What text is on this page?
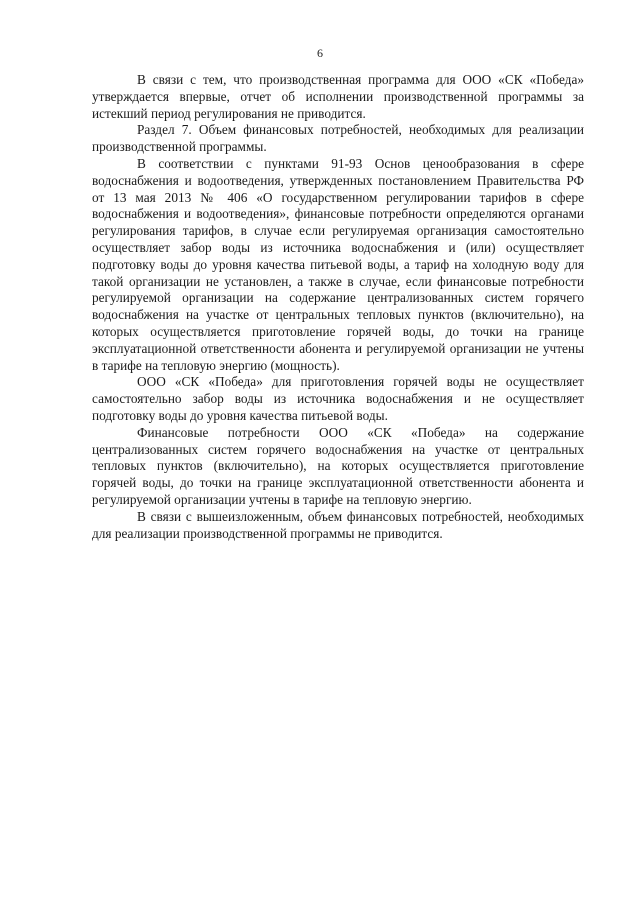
6

В связи с тем, что производственная программа для ООО «СК «Победа» утверждается впервые, отчет об исполнении производственной программы за истекший период регулирования не приводится.

Раздел 7. Объем финансовых потребностей, необходимых для реализации производственной программы.

В соответствии с пунктами 91-93 Основ ценообразования в сфере водоснабжения и водоотведения, утвержденных постановлением Правительства РФ от 13 мая 2013 № 406 «О государственном регулировании тарифов в сфере водоснабжения и водоотведения», финансовые потребности определяются органами регулирования тарифов, в случае если регулируемая организация самостоятельно осуществляет забор воды из источника водоснабжения и (или) осуществляет подготовку воды до уровня качества питьевой воды, а тариф на холодную воду для такой организации не установлен, а также в случае, если финансовые потребности регулируемой организации на содержание централизованных систем горячего водоснабжения на участке от центральных тепловых пунктов (включительно), на которых осуществляется приготовление горячей воды, до точки на границе эксплуатационной ответственности абонента и регулируемой организации не учтены в тарифе на тепловую энергию (мощность).

ООО «СК «Победа» для приготовления горячей воды не осуществляет самостоятельно забор воды из источника водоснабжения и не осуществляет подготовку воды до уровня качества питьевой воды.

Финансовые потребности ООО «СК «Победа» на содержание централизованных систем горячего водоснабжения на участке от центральных тепловых пунктов (включительно), на которых осуществляется приготовление горячей воды, до точки на границе эксплуатационной ответственности абонента и регулируемой организации учтены в тарифе на тепловую энергию.

В связи с вышеизложенным, объем финансовых потребностей, необходимых для реализации производственной программы не приводится.
